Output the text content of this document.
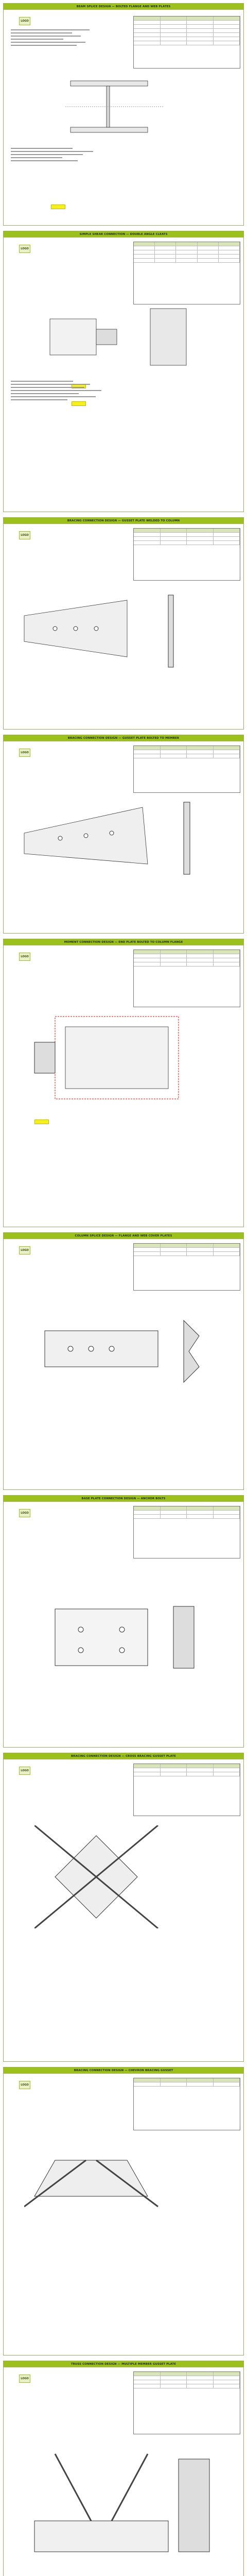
BEAM SPLICE DESIGN — BOLTED FLANGE AND WEB PLATES
LOGO
SIMPLE SHEAR CONNECTION — DOUBLE ANGLE CLEATS
LOGO
BRACING CONNECTION DESIGN — GUSSET PLATE WELDED TO COLUMN
LOGO
BRACING CONNECTION DESIGN — GUSSET PLATE BOLTED TO MEMBER
LOGO
MOMENT CONNECTION DESIGN — END PLATE BOLTED TO COLUMN FLANGE
LOGO
COLUMN SPLICE DESIGN — FLANGE AND WEB COVER PLATES
LOGO
BASE PLATE CONNECTION DESIGN — ANCHOR BOLTS
LOGO
BRACING CONNECTION DESIGN — CROSS BRACING GUSSET PLATE
LOGO
BRACING CONNECTION DESIGN — CHEVRON BRACING GUSSET
LOGO
TRUSS CONNECTION DESIGN — MULTIPLE MEMBER GUSSET PLATE
LOGO
